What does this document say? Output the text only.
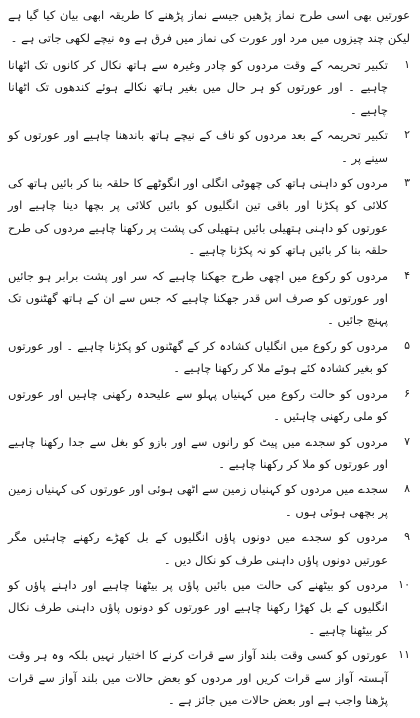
عورتیں بھی اسی طرح نماز پڑھیں جیسے نماز پڑھنے کا طریقہ ابھی بیان کیا گیا ہے لیکن چند چیزوں میں مرد اور عورت کی نماز میں فرق ہے وہ نیچے لکھی جاتی ہے ۔

۱
تکبیر تحریمہ کے وقت مردوں کو چادر وغیرہ سے ہاتھ نکال کر کانوں تک اٹھانا چاہیے ۔ اور عورتوں کو ہر حال میں بغیر ہاتھ نکالے ہوئے کندھوں تک اٹھانا چاہیے ۔
۲
تکبیر تحریمہ کے بعد مردوں کو ناف کے نیچے ہاتھ باندھنا چاہیے اور عورتوں کو سینے پر ۔
۳
مردوں کو داہنی ہاتھ کی چھوٹی انگلی اور انگوٹھے کا حلقہ بنا کر بائیں ہاتھ کی کلائی کو پکڑنا اور باقی تین انگلیوں کو بائیں کلائی پر بچھا دینا چاہیے اور عورتوں کو داہنی ہتھیلی بائیں ہتھیلی کی پشت پر رکھنا چاہیے مردوں کی طرح حلقہ بنا کر بائیں ہاتھ کو نہ پکڑنا چاہیے ۔
۴
مردوں کو رکوع میں اچھی طرح جھکنا چاہیے کہ سر اور پشت برابر ہو جائیں اور عورتوں کو صرف اس قدر جھکنا چاہیے کہ جس سے ان کے ہاتھ گھٹنوں تک پہنچ جائیں ۔
۵
مردوں کو رکوع میں انگلیاں کشادہ کر کے گھٹنوں کو پکڑنا چاہیے ۔ اور عورتوں کو بغیر کشادہ کئے ہوئے ملا کر رکھنا چاہیے ۔
۶
مردوں کو حالت رکوع میں کہنیاں پہلو سے علیحدہ رکھنی چاہیں اور عورتوں کو ملی رکھنی چاہئیں ۔
۷
مردوں کو سجدے میں پیٹ کو رانوں سے اور بازو کو بغل سے جدا رکھنا چاہیے اور عورتوں کو ملا کر رکھنا چاہیے ۔
۸
سجدے میں مردوں کو کہنیاں زمین سے اٹھی ہوئی اور عورتوں کی کہنیاں زمین پر بچھی ہوئی ہوں ۔
۹
مردوں کو سجدے میں دونوں پاؤں انگلیوں کے بل کھڑے رکھنے چاہئیں مگر عورتیں دونوں پاؤں داہنی طرف کو نکال دیں ۔
۱۰
مردوں کو بیٹھنے کی حالت میں بائیں پاؤں پر بیٹھنا چاہیے اور داہنے پاؤں کو انگلیوں کے بل کھڑا رکھنا چاہیے اور عورتوں کو دونوں پاؤں داہنی طرف نکال کر بیٹھنا چاہیے ۔
۱۱
عورتوں کو کسی وقت بلند آواز سے قرات کرنے کا اختیار نہیں بلکہ وہ ہر وقت آہستہ آواز سے قرات کریں اور مردوں کو بعض حالات میں بلند آواز سے قرات پڑھنا واجب ہے اور بعض حالات میں جائز ہے ۔
